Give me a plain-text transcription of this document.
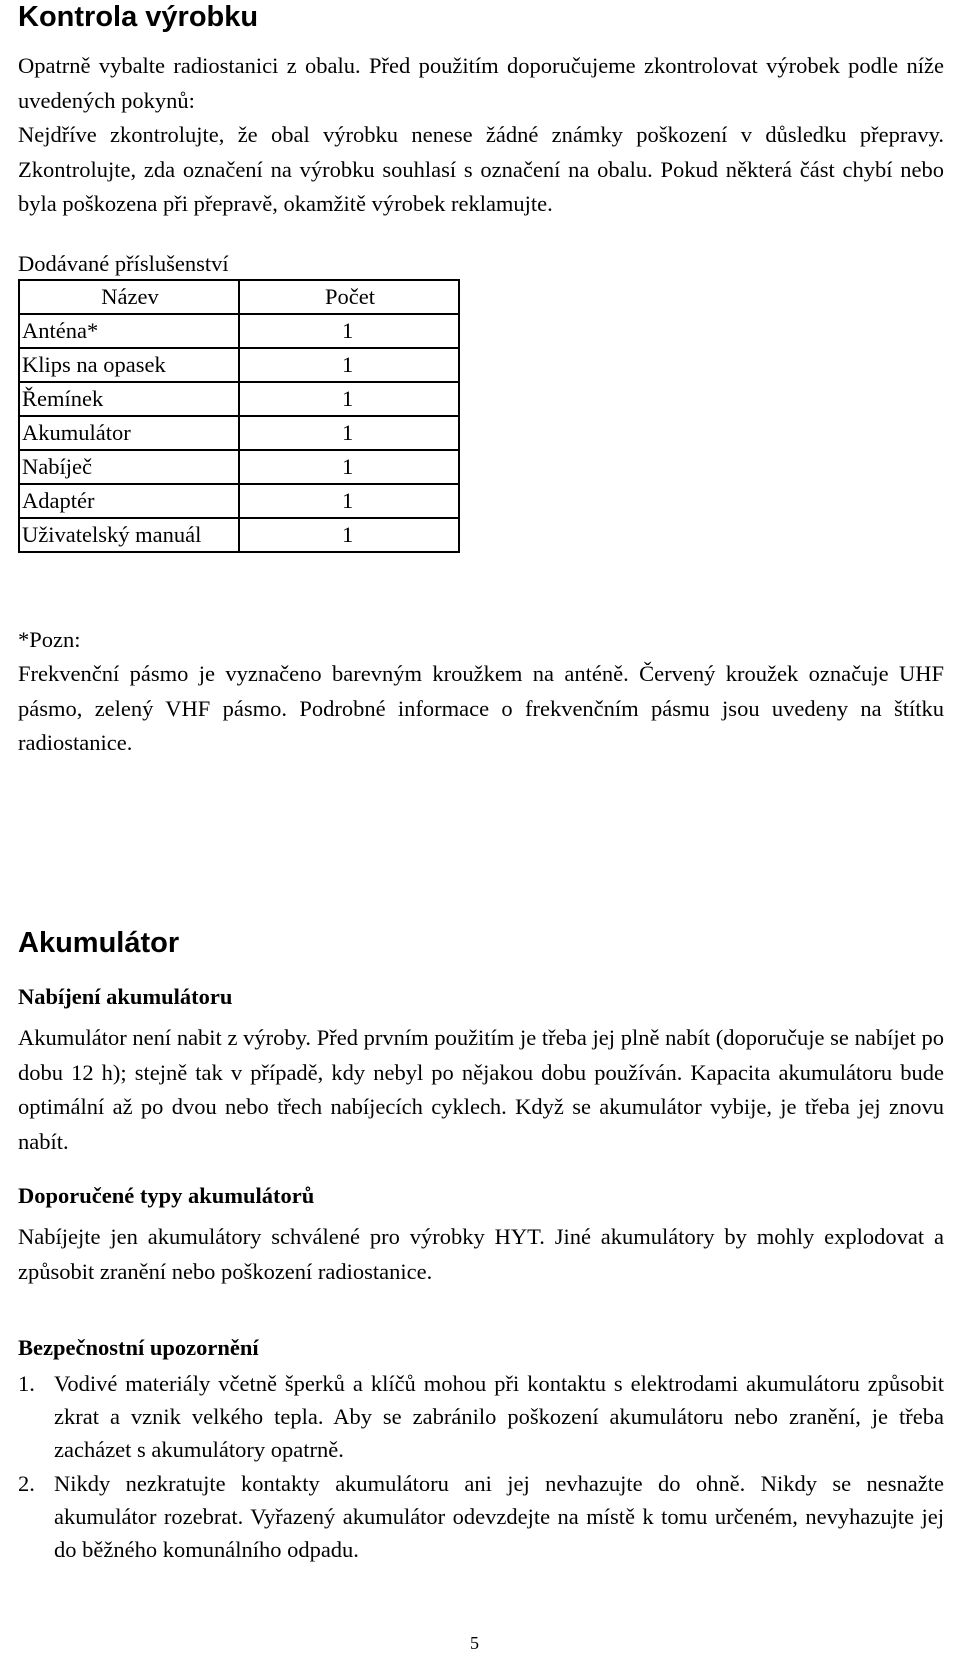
Kontrola výrobku

Opatrně vybalte radiostanici z obalu. Před použitím doporučujeme zkontrolovat výrobek podle níže uvedených pokynů:

Nejdříve zkontrolujte, že obal výrobku nenese žádné známky poškození v důsledku přepravy. Zkontrolujte, zda označení na výrobku souhlasí s označení na obalu. Pokud některá část chybí nebo byla poškozena při přepravě, okamžitě výrobek reklamujte.

Dodávané příslušenství
Název	Počet
Anténa*	1
Klips na opasek	1
Řemínek	1
Akumulátor	1
Nabíječ	1
Adaptér	1
Uživatelský manuál	1
*Pozn:

Frekvenční pásmo je vyznačeno barevným kroužkem na anténě. Červený kroužek označuje UHF pásmo, zelený VHF pásmo. Podrobné informace o frekvenčním pásmu jsou uvedeny na štítku radiostanice.

Akumulátor
Nabíjení akumulátoru

Akumulátor není nabit z výroby. Před prvním použitím je třeba jej plně nabít (doporučuje se nabíjet po dobu 12 h); stejně tak v případě, kdy nebyl po nějakou dobu používán. Kapacita akumulátoru bude optimální až po dvou nebo třech nabíjecích cyklech. Když se akumulátor vybije, je třeba jej znovu nabít.

Doporučené typy akumulátorů

Nabíjejte jen akumulátory schválené pro výrobky HYT. Jiné akumulátory by mohly explodovat a způsobit zranění nebo poškození radiostanice.

Bezpečnostní upozornění
1. Vodivé materiály včetně šperků a klíčů mohou při kontaktu s elektrodami akumulátoru způsobit zkrat a vznik velkého tepla. Aby se zabránilo poškození akumulátoru nebo zranění, je třeba zacházet s akumulátory opatrně.
2. Nikdy nezkratujte kontakty akumulátoru ani jej nevhazujte do ohně. Nikdy se nesnažte akumulátor rozebrat. Vyřazený akumulátor odevzdejte na místě k tomu určeném, nevyhazujte jej do běžného komunálního odpadu.
5
